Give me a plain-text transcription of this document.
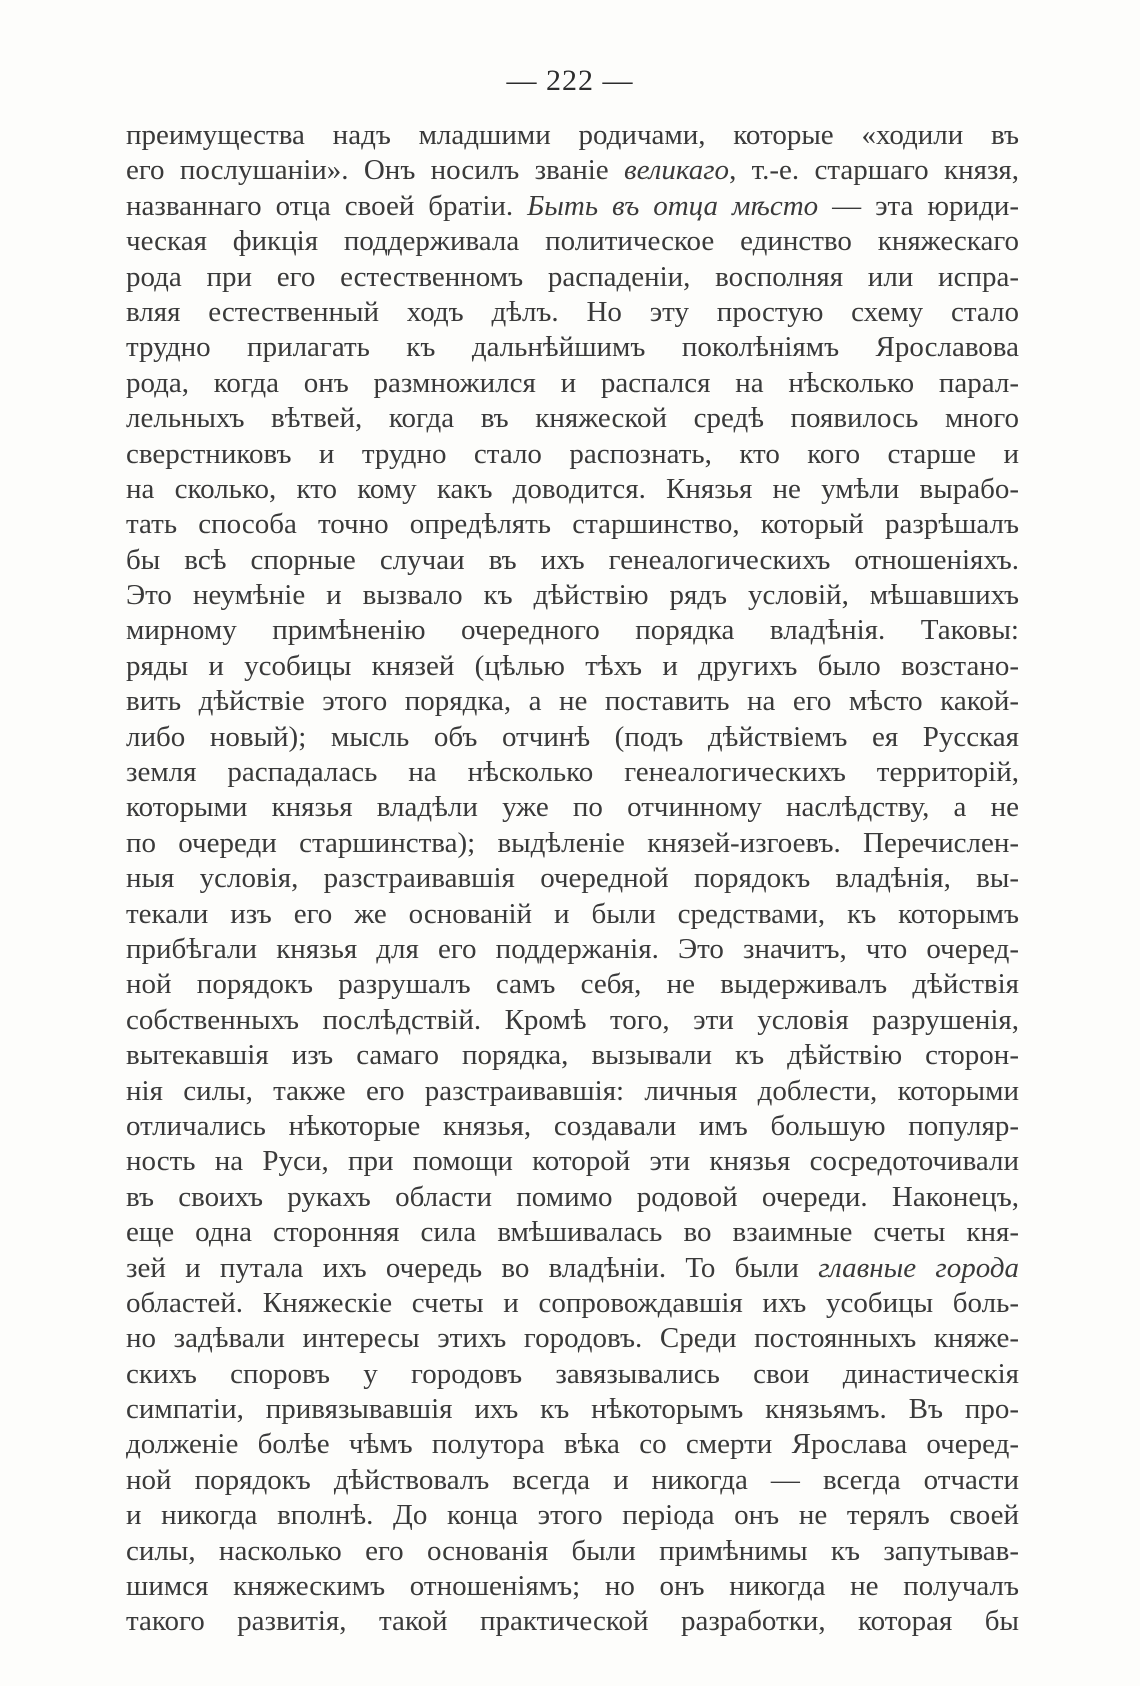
— 222 —
преимущества надъ младшими родичами, которые «ходили въ
его послушаніи». Онъ носилъ званіе великаго, т.-е. старшаго князя,
названнаго отца своей братіи. Быть въ отца мѣсто — эта юриди-
ческая фикція поддерживала политическое единство княжескаго
рода при его естественномъ распаденіи, восполняя или испра-
вляя естественный ходъ дѣлъ. Но эту простую схему стало
трудно прилагать къ дальнѣйшимъ поколѣніямъ Ярославова
рода, когда онъ размножился и распался на нѣсколько парал-
лельныхъ вѣтвей, когда въ княжеской средѣ появилось много
сверстниковъ и трудно стало распознать, кто кого старше и
на сколько, кто кому какъ доводится. Князья не умѣли вырабо-
тать способа точно опредѣлять старшинство, который разрѣшалъ
бы всѣ спорные случаи въ ихъ генеалогическихъ отношеніяхъ.
Это неумѣніе и вызвало къ дѣйствію рядъ условій, мѣшавшихъ
мирному примѣненію очередного порядка владѣнія. Таковы:
ряды и усобицы князей (цѣлью тѣхъ и другихъ было возстано-
вить дѣйствіе этого порядка, а не поставить на его мѣсто какой-
либо новый); мысль объ отчинѣ (подъ дѣйствіемъ ея Русская
земля распадалась на нѣсколько генеалогическихъ территорій,
которыми князья владѣли уже по отчинному наслѣдству, а не
по очереди старшинства); выдѣленіе князей-изгоевъ. Перечислен-
ныя условія, разстраивавшія очередной порядокъ владѣнія, вы-
текали изъ его же основаній и были средствами, къ которымъ
прибѣгали князья для его поддержанія. Это значитъ, что очеред-
ной порядокъ разрушалъ самъ себя, не выдерживалъ дѣйствія
собственныхъ послѣдствій. Кромѣ того, эти условія разрушенія,
вытекавшія изъ самаго порядка, вызывали къ дѣйствію сторон-
нія силы, также его разстраивавшія: личныя доблести, которыми
отличались нѣкоторые князья, создавали имъ большую популяр-
ность на Руси, при помощи которой эти князья сосредоточивали
въ своихъ рукахъ области помимо родовой очереди. Наконецъ,
еще одна сторонняя сила вмѣшивалась во взаимные счеты кня-
зей и путала ихъ очередь во владѣніи. То были главные города
областей. Княжескіе счеты и сопровождавшія ихъ усобицы боль-
но задѣвали интересы этихъ городовъ. Среди постоянныхъ княже-
скихъ споровъ у городовъ завязывались свои династическія
симпатіи, привязывавшія ихъ къ нѣкоторымъ князьямъ. Въ про-
долженіе болѣе чѣмъ полутора вѣка со смерти Ярослава очеред-
ной порядокъ дѣйствовалъ всегда и никогда — всегда отчасти
и никогда вполнѣ. До конца этого періода онъ не терялъ своей
силы, насколько его основанія были примѣнимы къ запутывав-
шимся княжескимъ отношеніямъ; но онъ никогда не получалъ
такого развитія, такой практической разработки, которая бы
